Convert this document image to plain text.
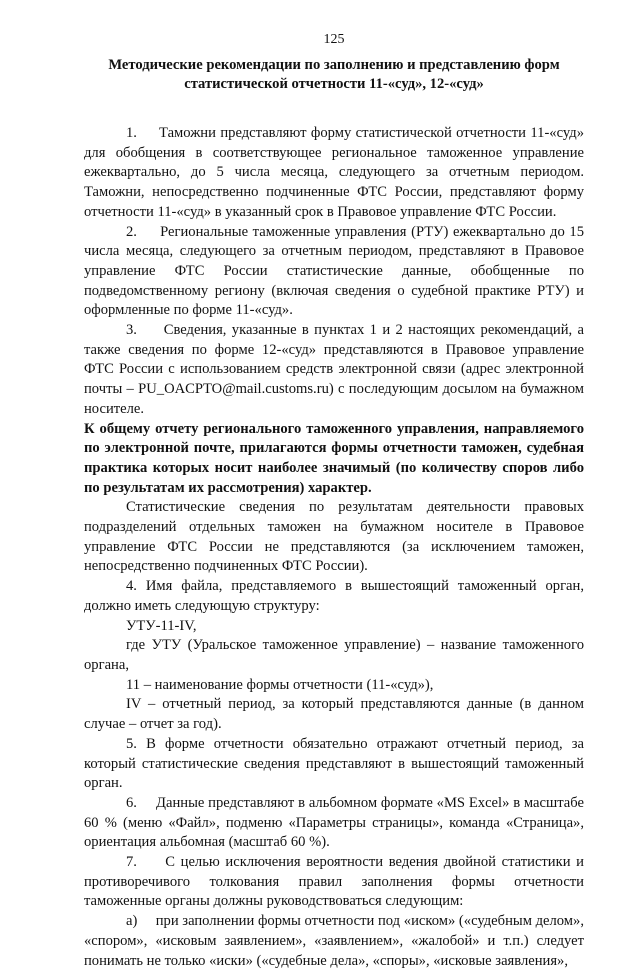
125
Методические рекомендации по заполнению и представлению форм
статистической отчетности 11-«суд», 12-«суд»

1.     Таможни представляют форму статистической отчетности 11-«суд» для обобщения в соответствующее региональное таможенное управление ежеквартально, до 5 числа месяца, следующего за отчетным периодом. Таможни, непосредственно подчиненные ФТС России, представляют форму отчетности 11-«суд» в указанный срок в Правовое управление ФТС России.

2.     Региональные таможенные управления (РТУ) ежеквартально до 15 числа месяца, следующего за отчетным периодом, представляют в Правовое управление ФТС России статистические данные, обобщенные по подведомственному региону (включая сведения о судебной практике РТУ) и оформленные по форме 11-«суд».

3.     Сведения, указанные в пунктах 1 и 2 настоящих рекомендаций, а также сведения по форме 12-«суд» представляются в Правовое управление ФТС России с использованием средств электронной связи (адрес электронной почты – PU_OACPTO@mail.customs.ru) с последующим досылом на бумажном носителе.

К общему отчету регионального таможенного управления, направляемого по электронной почте, прилагаются формы отчетности таможен, судебная практика которых носит наиболее значимый (по количеству споров либо по результатам их рассмотрения) характер.

Статистические сведения по результатам деятельности правовых подразделений отдельных таможен на бумажном носителе в Правовое управление ФТС России не представляются (за исключением таможен, непосредственно подчиненных ФТС России).

4. Имя файла, представляемого в вышестоящий таможенный орган, должно иметь следующую структуру:

УТУ-11-IV,

где УТУ (Уральское таможенное управление) – название таможенного органа,

11 – наименование формы отчетности (11-«суд»),

IV – отчетный период, за который представляются данные (в данном случае – отчет за год).

5. В форме отчетности обязательно отражают отчетный период, за который статистические сведения представляют в вышестоящий таможенный орган.

6.     Данные представляют в альбомном формате «MS Excel» в масштабе 60 % (меню «Файл», подменю «Параметры страницы», команда «Страница», ориентация альбомная (масштаб 60 %).

7.     С целью исключения вероятности ведения двойной статистики и противоречивого толкования правил заполнения формы отчетности таможенные органы должны руководствоваться следующим:

а)     при заполнении формы отчетности под «иском» («судебным делом», «спором», «исковым заявлением», «заявлением», «жалобой» и т.п.) следует понимать не только «иски» («судебные дела», «споры», «исковые заявления»,
